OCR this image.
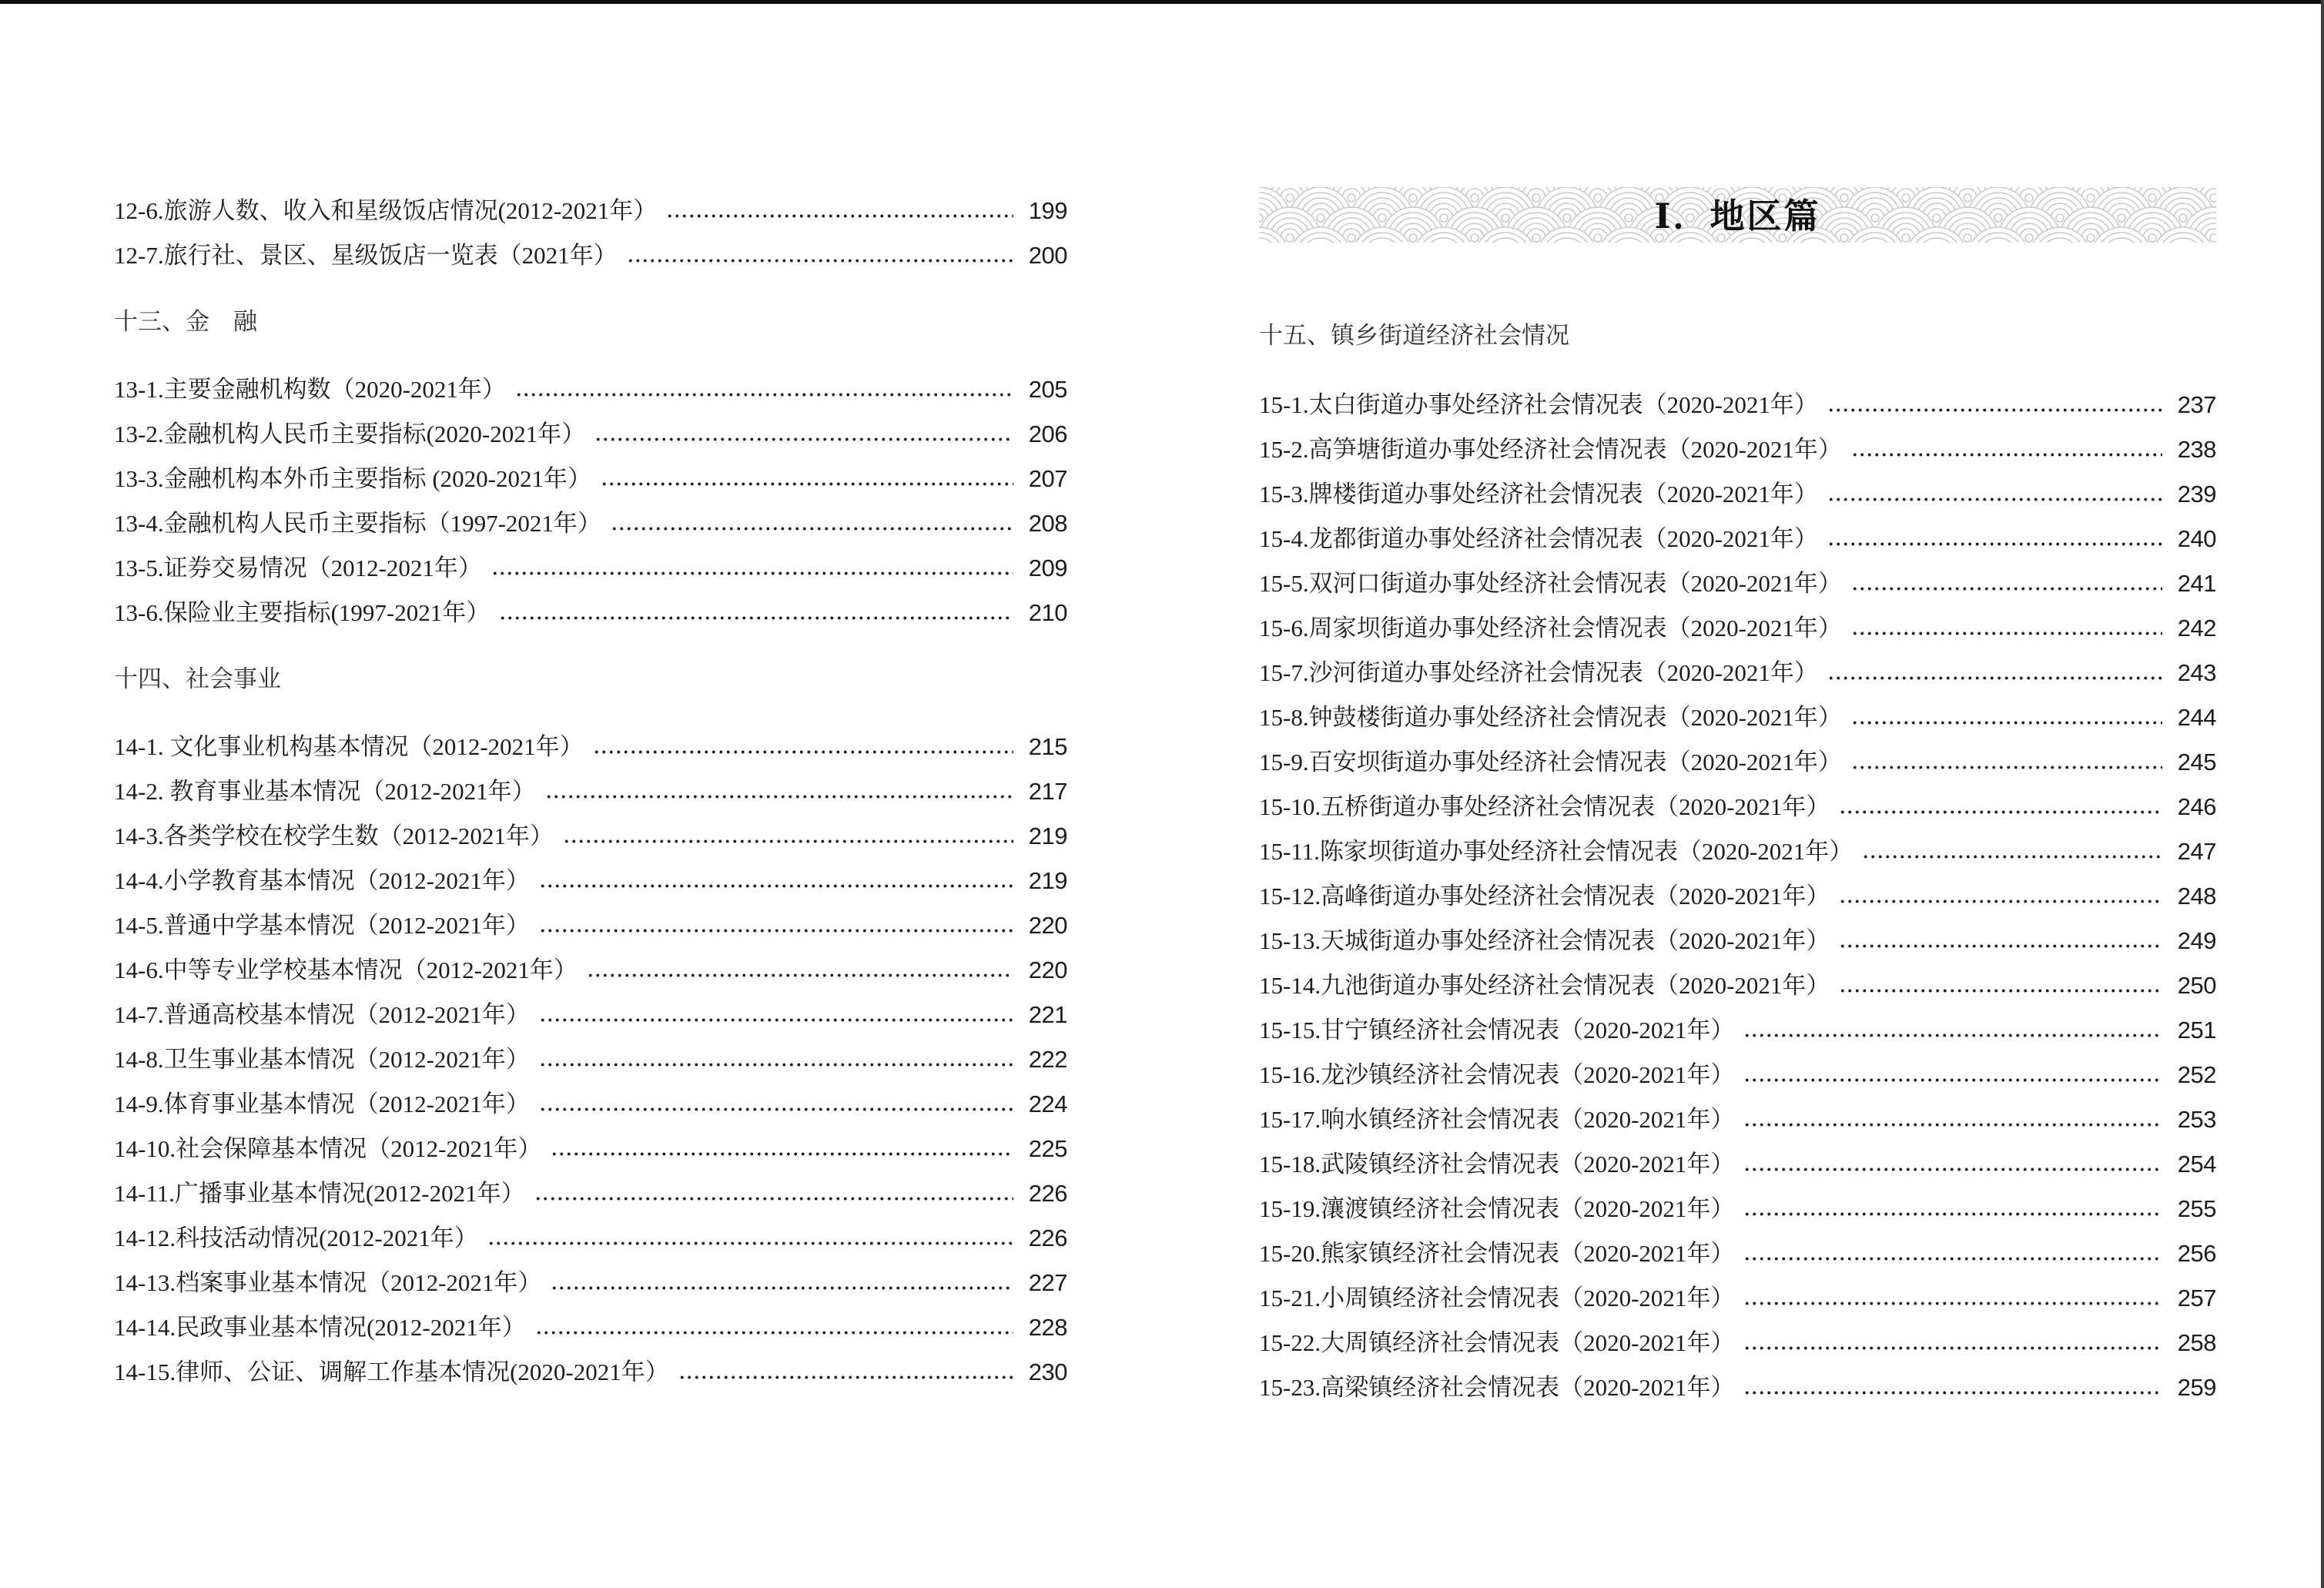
12-6.旅游人数、收入和星级饭店情况(2012-2021年）	199
12-7.旅行社、景区、星级饭店一览表（2021年）	200
十三、金　融
13-1.主要金融机构数（2020-2021年）	205
13-2.金融机构人民币主要指标(2020-2021年）	206
13-3.金融机构本外币主要指标 (2020-2021年）	207
13-4.金融机构人民币主要指标（1997-2021年）	208
13-5.证券交易情况（2012-2021年）	209
13-6.保险业主要指标(1997-2021年）	210
十四、社会事业
14-1. 文化事业机构基本情况（2012-2021年）	215
14-2. 教育事业基本情况（2012-2021年）	217
14-3.各类学校在校学生数（2012-2021年）	219
14-4.小学教育基本情况（2012-2021年）	219
14-5.普通中学基本情况（2012-2021年）	220
14-6.中等专业学校基本情况（2012-2021年）	220
14-7.普通高校基本情况（2012-2021年）	221
14-8.卫生事业基本情况（2012-2021年）	222
14-9.体育事业基本情况（2012-2021年）	224
14-10.社会保障基本情况（2012-2021年）	225
14-11.广播事业基本情况(2012-2021年）	226
14-12.科技活动情况(2012-2021年）	226
14-13.档案事业基本情况（2012-2021年）	227
14-14.民政事业基本情况(2012-2021年）	228
14-15.律师、公证、调解工作基本情况(2020-2021年）	230
Ⅰ．地区篇
十五、镇乡街道经济社会情况
15-1.太白街道办事处经济社会情况表（2020-2021年）	237
15-2.高笋塘街道办事处经济社会情况表（2020-2021年）	238
15-3.牌楼街道办事处经济社会情况表（2020-2021年）	239
15-4.龙都街道办事处经济社会情况表（2020-2021年）	240
15-5.双河口街道办事处经济社会情况表（2020-2021年）	241
15-6.周家坝街道办事处经济社会情况表（2020-2021年）	242
15-7.沙河街道办事处经济社会情况表（2020-2021年）	243
15-8.钟鼓楼街道办事处经济社会情况表（2020-2021年）	244
15-9.百安坝街道办事处经济社会情况表（2020-2021年）	245
15-10.五桥街道办事处经济社会情况表（2020-2021年）	246
15-11.陈家坝街道办事处经济社会情况表（2020-2021年）	247
15-12.高峰街道办事处经济社会情况表（2020-2021年）	248
15-13.天城街道办事处经济社会情况表（2020-2021年）	249
15-14.九池街道办事处经济社会情况表（2020-2021年）	250
15-15.甘宁镇经济社会情况表（2020-2021年）	251
15-16.龙沙镇经济社会情况表（2020-2021年）	252
15-17.响水镇经济社会情况表（2020-2021年）	253
15-18.武陵镇经济社会情况表（2020-2021年）	254
15-19.瀼渡镇经济社会情况表（2020-2021年）	255
15-20.熊家镇经济社会情况表（2020-2021年）	256
15-21.小周镇经济社会情况表（2020-2021年）	257
15-22.大周镇经济社会情况表（2020-2021年）	258
15-23.高梁镇经济社会情况表（2020-2021年）	259
